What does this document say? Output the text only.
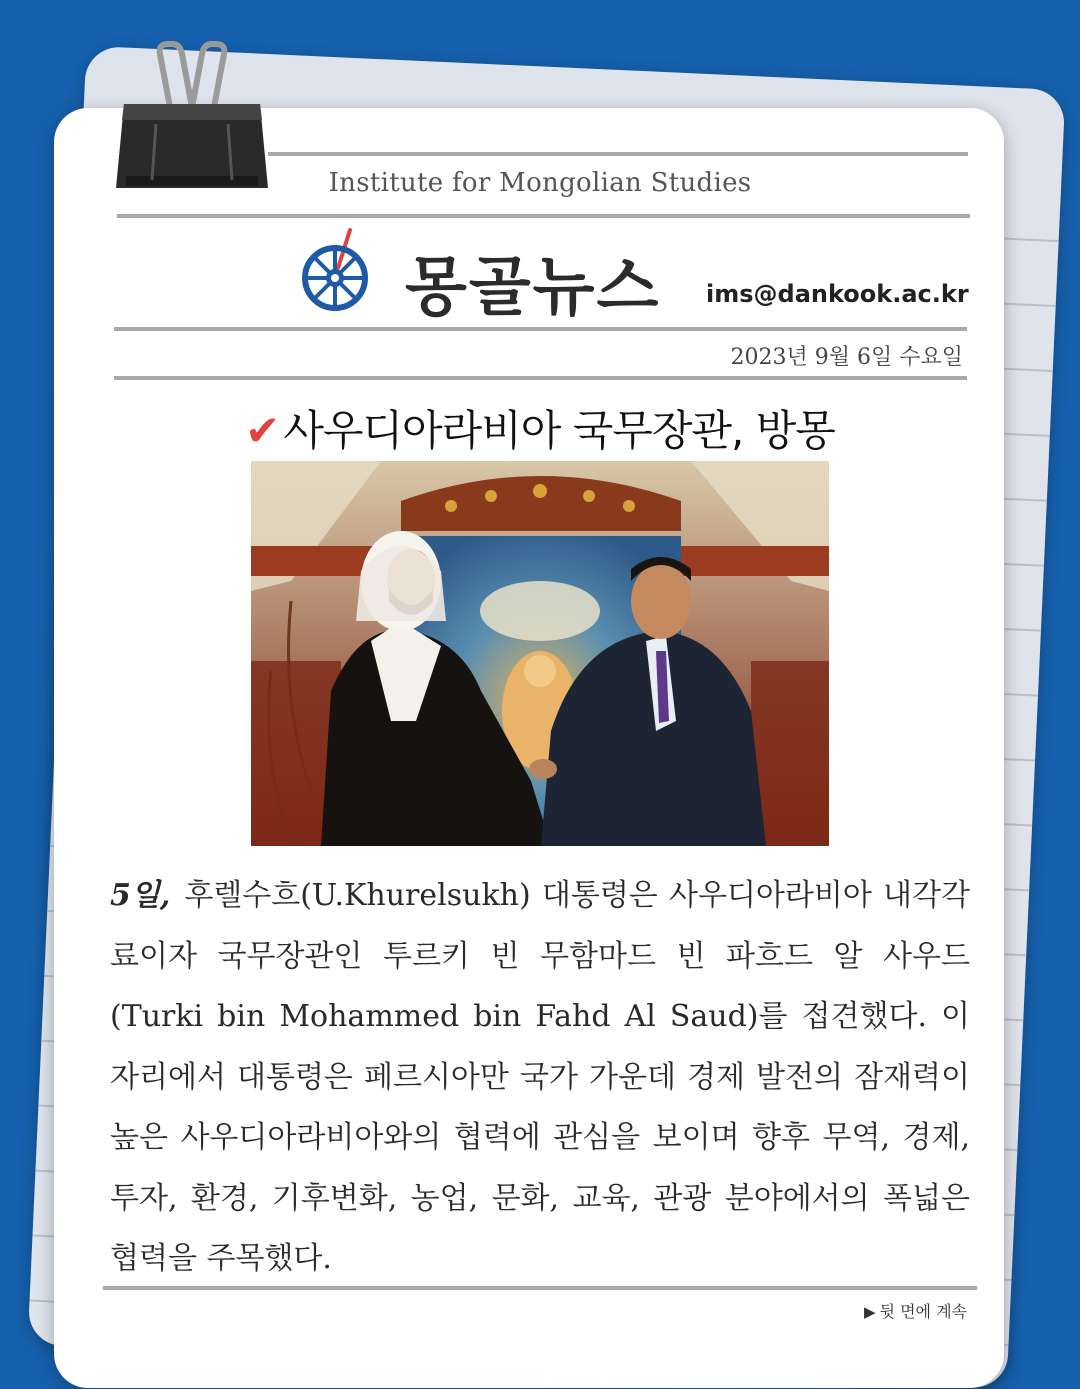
Institute for Mongolian Studies
몽골뉴스 ims@dankook.ac.kr
2023년 9월 6일 수요일
✔사우디아라비아 국무장관, 방몽
5일, 후렐수흐(U.Khurelsukh) 대통령은 사우디아라비아 내각각료이자 국무장관인 투르키 빈 무함마드 빈 파흐드 알 사우드(Turki bin Mohammed bin Fahd Al Saud)를 접견했다. 이 자리에서 대통령은 페르시아만 국가 가운데 경제 발전의 잠재력이 높은 사우디아라비아와의 협력에 관심을 보이며 향후 무역, 경제, 투자, 환경, 기후변화, 농업, 문화, 교육, 관광 분야에서의 폭넓은 협력을 주목했다.
▶ 뒷 면에 계속
